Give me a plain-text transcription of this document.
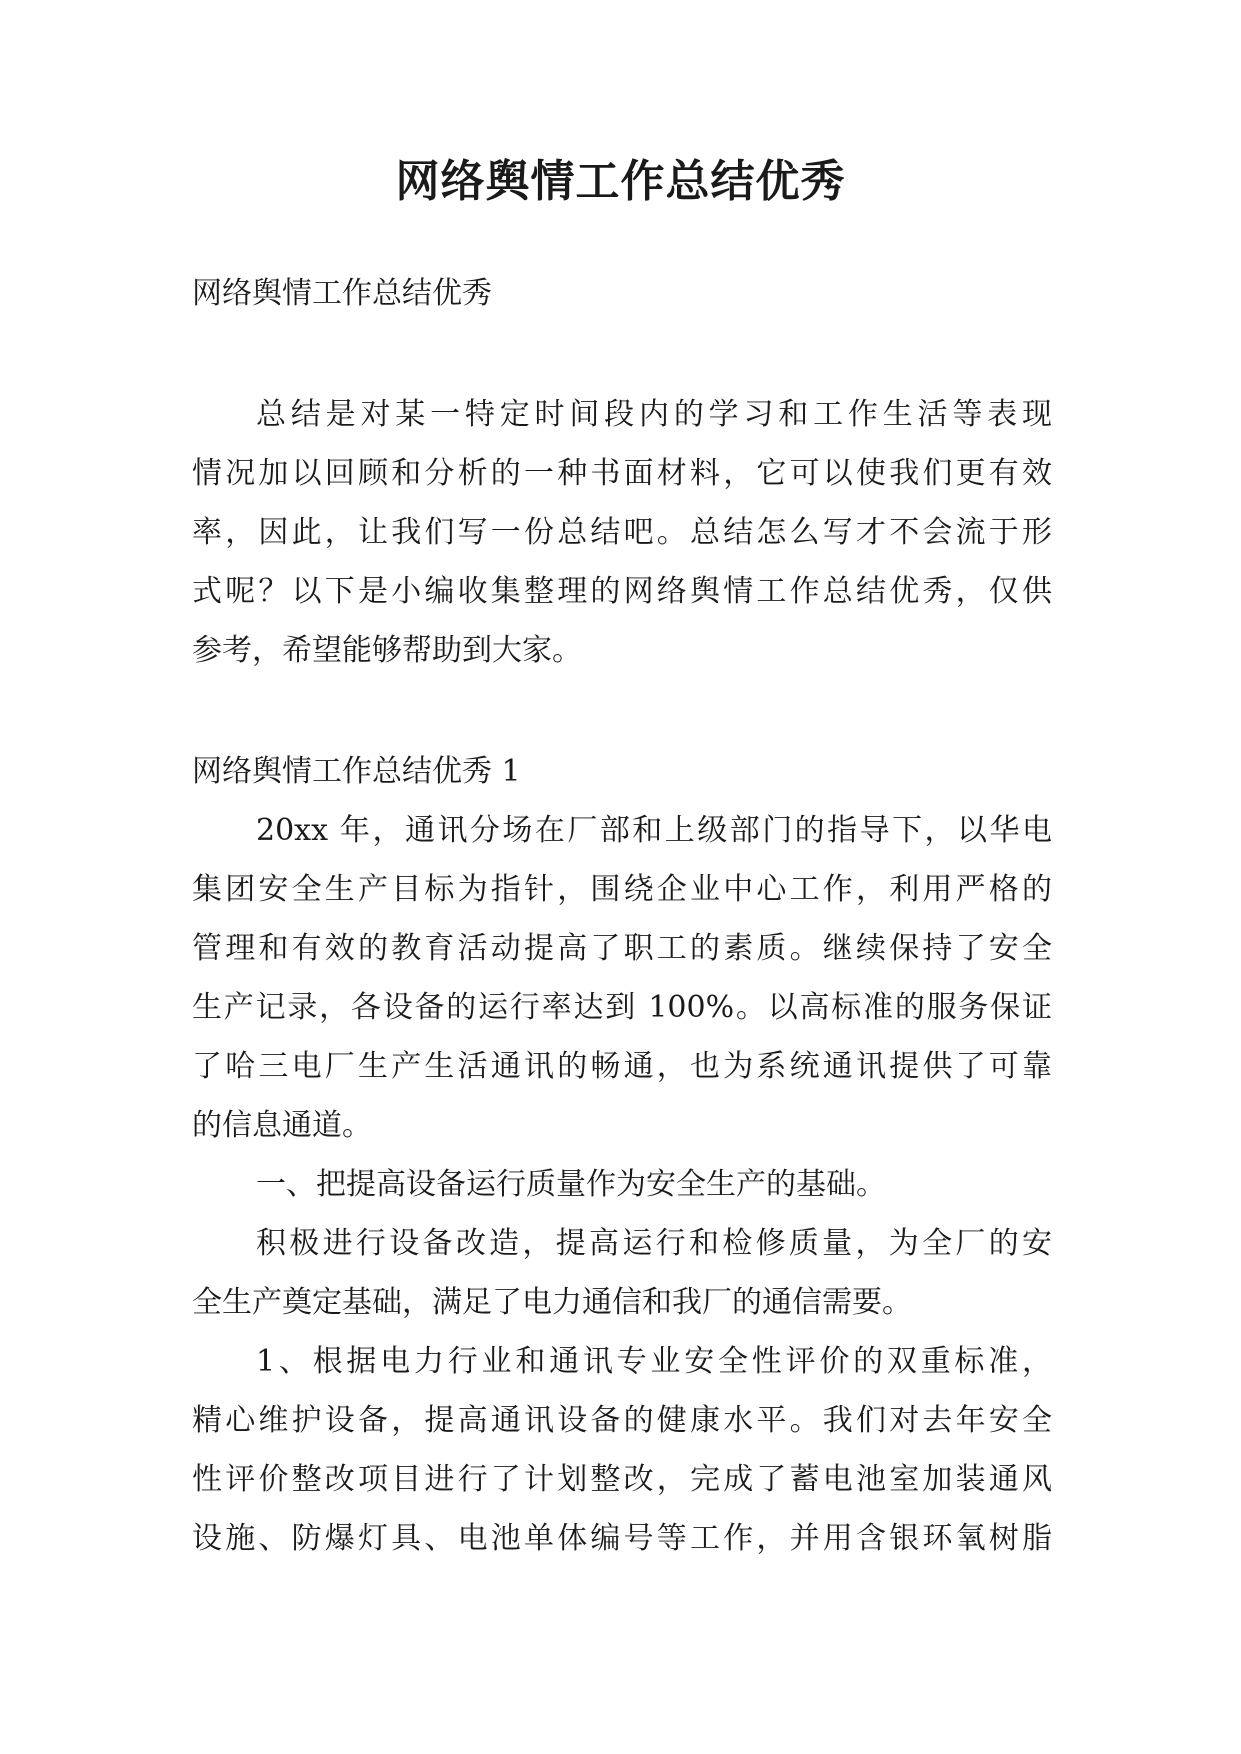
网络舆情工作总结优秀
网络舆情工作总结优秀
总结是对某一特定时间段内的学习和工作生活等表现
情况加以回顾和分析的一种书面材料，它可以使我们更有效
率，因此，让我们写一份总结吧。总结怎么写才不会流于形
式呢？以下是小编收集整理的网络舆情工作总结优秀，仅供
参考，希望能够帮助到大家。
网络舆情工作总结优秀 1
20xx 年，通讯分场在厂部和上级部门的指导下，以华电
集团安全生产目标为指针，围绕企业中心工作，利用严格的
管理和有效的教育活动提高了职工的素质。继续保持了安全
生产记录，各设备的运行率达到 100%。以高标准的服务保证
了哈三电厂生产生活通讯的畅通，也为系统通讯提供了可靠
的信息通道。
一、把提高设备运行质量作为安全生产的基础。
积极进行设备改造，提高运行和检修质量，为全厂的安
全生产奠定基础，满足了电力通信和我厂的通信需要。
1、根据电力行业和通讯专业安全性评价的双重标准，
精心维护设备，提高通讯设备的健康水平。我们对去年安全
性评价整改项目进行了计划整改，完成了蓄电池室加装通风
设施、防爆灯具、电池单体编号等工作，并用含银环氧树脂
